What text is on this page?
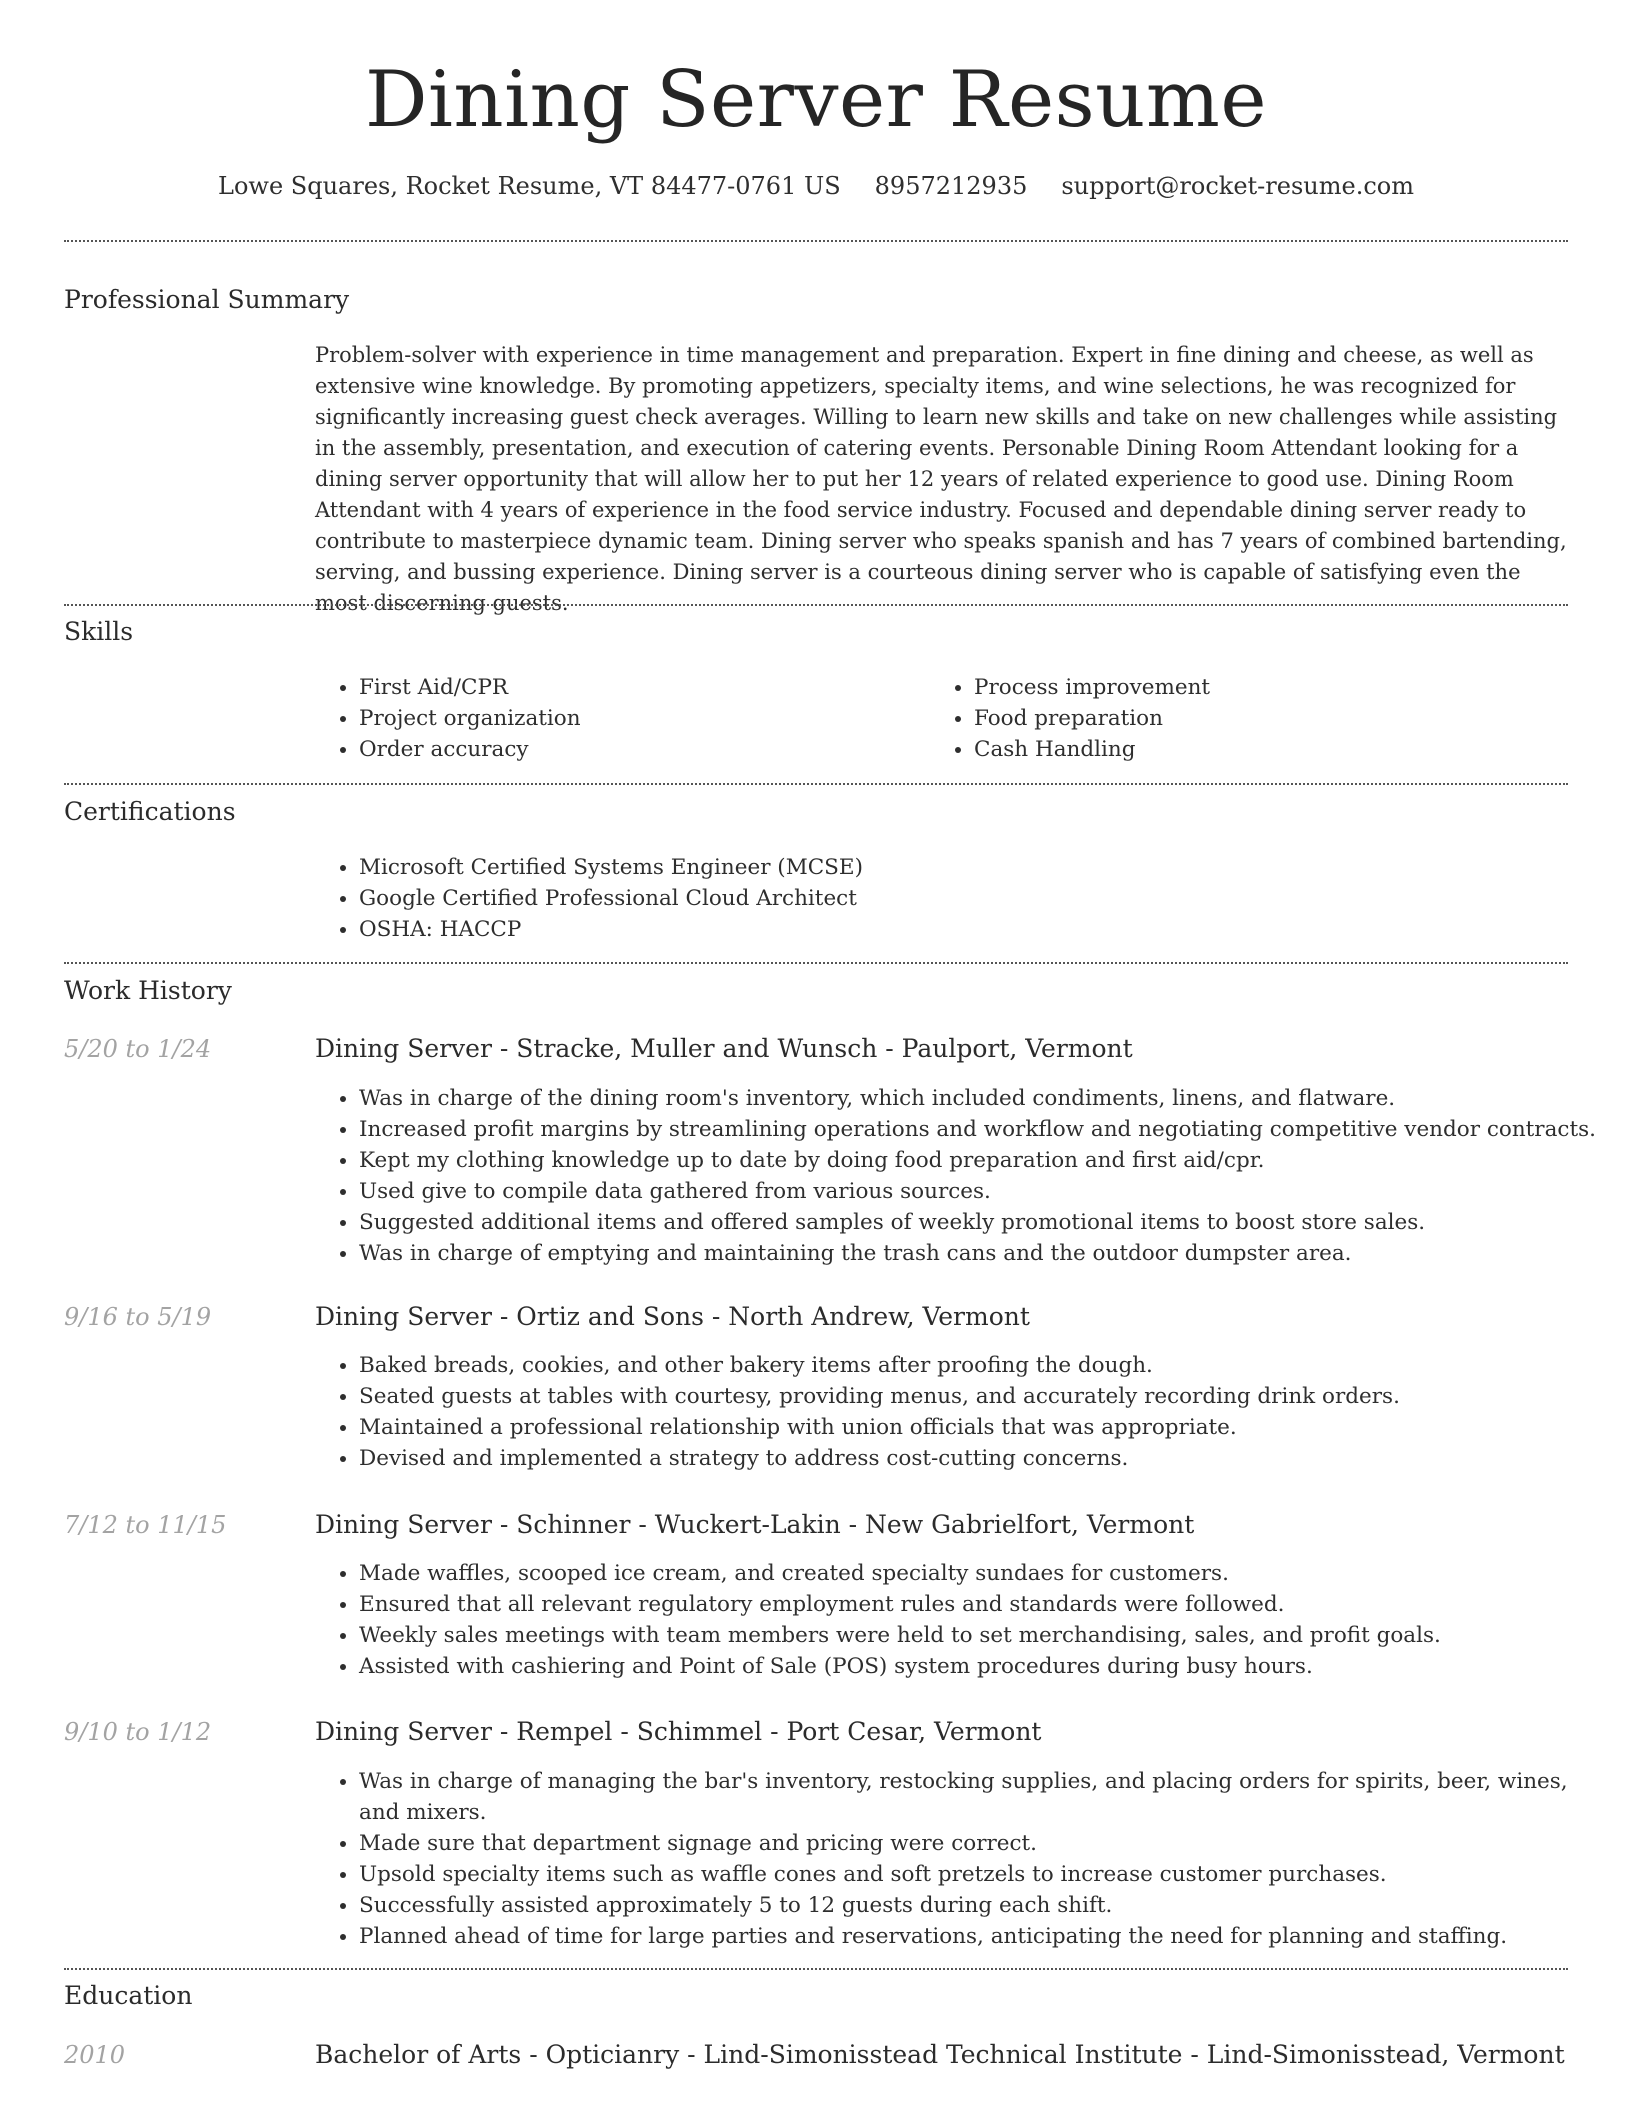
Dining Server Resume
Lowe Squares, Rocket Resume, VT 84477-0761 US 8957212935 support@rocket-resume.com
Professional Summary

Problem-solver with experience in time management and preparation. Expert in fine dining and cheese, as well as extensive wine knowledge. By promoting appetizers, specialty items, and wine selections, he was recognized for significantly increasing guest check averages. Willing to learn new skills and take on new challenges while assisting in the assembly, presentation, and execution of catering events. Personable Dining Room Attendant looking for a dining server opportunity that will allow her to put her 12 years of related experience to good use. Dining Room Attendant with 4 years of experience in the food service industry. Focused and dependable dining server ready to contribute to masterpiece dynamic team. Dining server who speaks spanish and has 7 years of combined bartending, serving, and bussing experience. Dining server is a courteous dining server who is capable of satisfying even the most discerning guests.

Skills
• First Aid/CPR
• Project organization
• Order accuracy
• Process improvement
• Food preparation
• Cash Handling
Certifications
• Microsoft Certified Systems Engineer (MCSE)
• Google Certified Professional Cloud Architect
• OSHA: HACCP
Work History
5/20 to 1/24	Dining Server - Stracke, Muller and Wunsch - Paulport, Vermont
• Was in charge of the dining room's inventory, which included condiments, linens, and flatware.
• Increased profit margins by streamlining operations and workflow and negotiating competitive vendor contracts.
• Kept my clothing knowledge up to date by doing food preparation and first aid/cpr.
• Used give to compile data gathered from various sources.
• Suggested additional items and offered samples of weekly promotional items to boost store sales.
• Was in charge of emptying and maintaining the trash cans and the outdoor dumpster area.
9/16 to 5/19	Dining Server - Ortiz and Sons - North Andrew, Vermont
• Baked breads, cookies, and other bakery items after proofing the dough.
• Seated guests at tables with courtesy, providing menus, and accurately recording drink orders.
• Maintained a professional relationship with union officials that was appropriate.
• Devised and implemented a strategy to address cost-cutting concerns.
7/12 to 11/15	Dining Server - Schinner - Wuckert-Lakin - New Gabrielfort, Vermont
• Made waffles, scooped ice cream, and created specialty sundaes for customers.
• Ensured that all relevant regulatory employment rules and standards were followed.
• Weekly sales meetings with team members were held to set merchandising, sales, and profit goals.
• Assisted with cashiering and Point of Sale (POS) system procedures during busy hours.
9/10 to 1/12	Dining Server - Rempel - Schimmel - Port Cesar, Vermont
• Was in charge of managing the bar's inventory, restocking supplies, and placing orders for spirits, beer, wines, and mixers.
• Made sure that department signage and pricing were correct.
• Upsold specialty items such as waffle cones and soft pretzels to increase customer purchases.
• Successfully assisted approximately 5 to 12 guests during each shift.
• Planned ahead of time for large parties and reservations, anticipating the need for planning and staffing.
Education
2010	Bachelor of Arts - Opticianry - Lind-Simonisstead Technical Institute - Lind-Simonisstead, Vermont
